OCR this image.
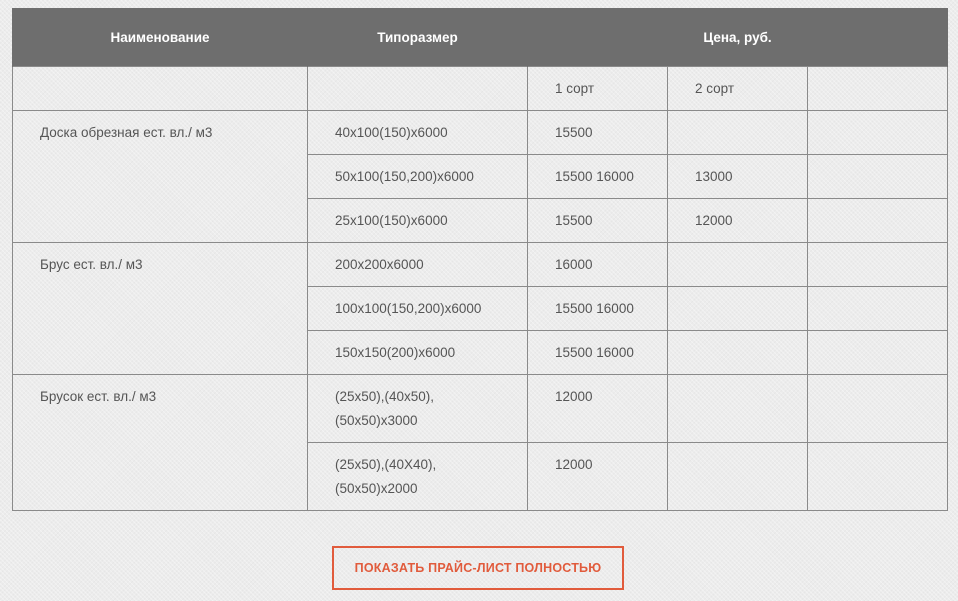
Наименование	Типоразмер	Цена, руб.		
		1 сорт	2 сорт	
Доска обрезная ест. вл./ м3	40x100(150)x6000	15500		
	50x100(150,200)x6000	15500 16000	13000	
	25x100(150)x6000	15500	12000	
Брус ест. вл./ м3	200x200x6000	16000		
	100x100(150,200)x6000	15500 16000		
	150x150(200)x6000	15500 16000		
Брусок ест. вл./ м3	(25x50),(40x50),
(50x50)x3000	12000		

	(25x50),(40X40),
(50x50)x2000	12000		
ПОКАЗАТЬ ПРАЙС-ЛИСТ ПОЛНОСТЬЮ
